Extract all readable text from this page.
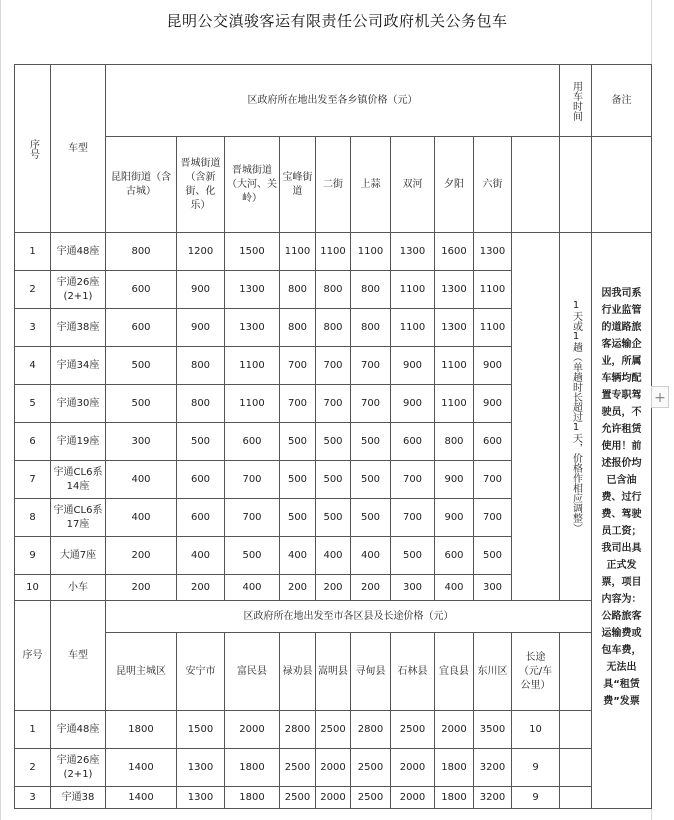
昆明公交滇骏客运有限责任公司政府机关公务包车
序号	车型	区政府所在地出发至各乡镇价格（元）										用车时间	备注
		昆阳街道（含古城）	晋城街道（含新街、化乐）	晋城街道（大河、关岭）	宝峰街道	二街	上蒜	双河	夕阳	六街			
1	宇通48座	800	1200	1500	1100	1100	1100	1300	1600	1300		1天或1趟（单趟时长超过1天，价格作相应调整）	因我司系行业监管的道路旅客运输企业，所属车辆均配置专职驾驶员，不允许租赁使用！前述报价均已含油费、过行费、驾驶员工资；我司出具正式发票，项目内容为：公路旅客运输费或包车费，无法出具“租赁费”发票

2	宇通26座(2+1)	600	900	1300	800	800	800	1100	1300	1100			
3	宇通38座	600	900	1300	800	800	800	1100	1300	1100			
4	宇通34座	500	800	1100	700	700	700	900	1100	900			
5	宇通30座	500	800	1100	700	700	700	900	1100	900			
6	宇通19座	300	500	600	500	500	500	600	800	600			
7	宇通CL6系14座	400	600	700	500	500	500	700	900	700			
8	宇通CL6系17座	400	600	700	500	500	500	700	900	700			
9	大通7座	200	400	500	400	400	400	500	600	500			
10	小车	200	200	400	200	200	200	300	400	300			
序号	车型	区政府所在地出发至市各区县及长途价格（元）											
		昆明主城区	安宁市	富民县	禄劝县	嵩明县	寻甸县	石林县	宜良县	东川区	长途（元/车公里）		
1	宇通48座	1800	1500	2000	2800	2500	2800	2500	2000	3500	10		
2	宇通26座(2+1)	1400	1300	1800	2500	2000	2500	2000	1800	3200	9		
3	宇通38	1400	1300	1800	2500	2000	2500	2000	1800	3200	9		
+
